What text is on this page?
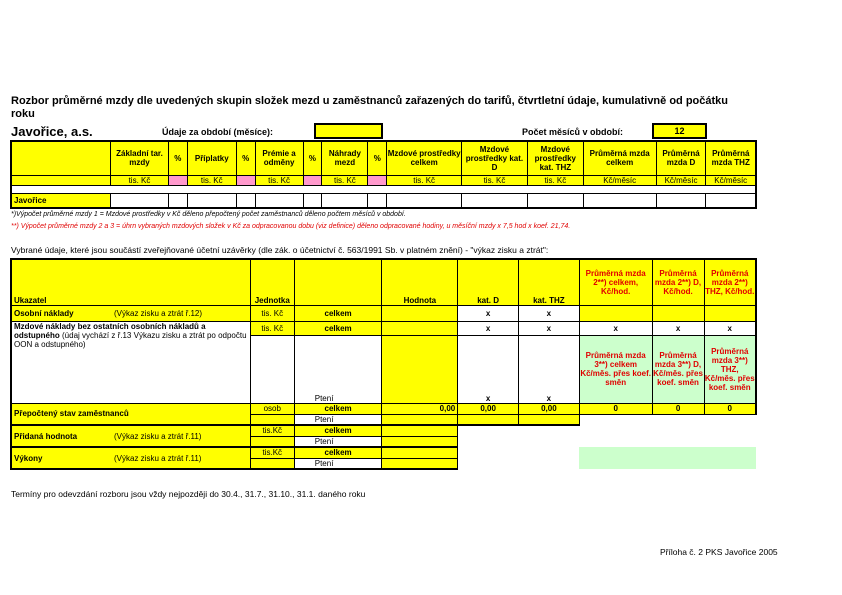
Rozbor průměrné mzdy dle uvedených skupin složek mezd u zaměstnanců zařazených do tarifů, čtvrtletní údaje, kumulativně od počátku roku
Javořice, a.s.	Údaje za období (měsíce):	Počet měsíců v období:	12
	Základní tar. mzdy	%	Příplatky	%	Prémie a odměny	%	Náhrady mezd	%	Mzdové prostředky celkem	Mzdové prostředky kat. D	Mzdové prostředky kat. THZ	Průměrná mzda celkem	Průměrná mzda D	Průměrná mzda THZ
	tis. Kč		tis. Kč		tis. Kč		tis. Kč		tis. Kč	tis. Kč	tis. Kč	Kč/měsíc	Kč/měsíc	Kč/měsíc

Javořice														
*)Výpočet průměrné mzdy 1 = Mzdové prostředky v Kč děleno přepočtený počet zaměstnanců děleno počtem měsíců v období.
**) Výpočet průměrné mzdy 2 a 3 = úhrn vybraných mzdových složek v Kč za odpracovanou dobu (viz definice) děleno odpracované hodiny, u měsíční mzdy x 7,5 hod x koef. 21,74.
Vybrané údaje, které jsou součástí zveřejňované účetní uzávěrky (dle zák. o účetnictví č. 563/1991 Sb. v platném znění) - "výkaz zisku a ztrát":
Ukazatel	Jednotka		Hodnota	kat. D	kat. THZ	Průměrná mzda 2**) celkem, Kč/hod.	Průměrná mzda 2**) D, Kč/hod.	Průměrná mzda 2**) THZ, Kč/hod.
Osobní náklady (Výkaz zisku a ztrát ř.12)	tis. Kč	celkem		x	x			
Mzdové náklady bez ostatních osobních nákladů a odstupného (údaj vychází z ř.13 Výkazu zisku a ztrát po odpočtu OON a odstupného)	tis. Kč	celkem		x	x	x	x	x
		Ptení		x	x	Průměrná mzda 3**) celkem Kč/měs. přes koef. směn	Průměrná mzda 3**) D, Kč/měs. přes koef. směn	Průměrná mzda 3**) THZ, Kč/měs. přes koef. směn
Přepočtený stav zaměstnanců	osob	celkem	0,00	0,00	0,00	0	0	0
		Ptení						
Přidaná hodnota (Výkaz zisku a ztrát ř.11)	tis.Kč	celkem						
		Ptení						
Výkony (Výkaz zisku a ztrát ř.11)	tis.Kč	celkem						
		Ptení						
Termíny pro odevzdání rozboru jsou vždy nejpozději do 30.4., 31.7., 31.10., 31.1. daného roku
Příloha č. 2 PKS Javořice 2005
